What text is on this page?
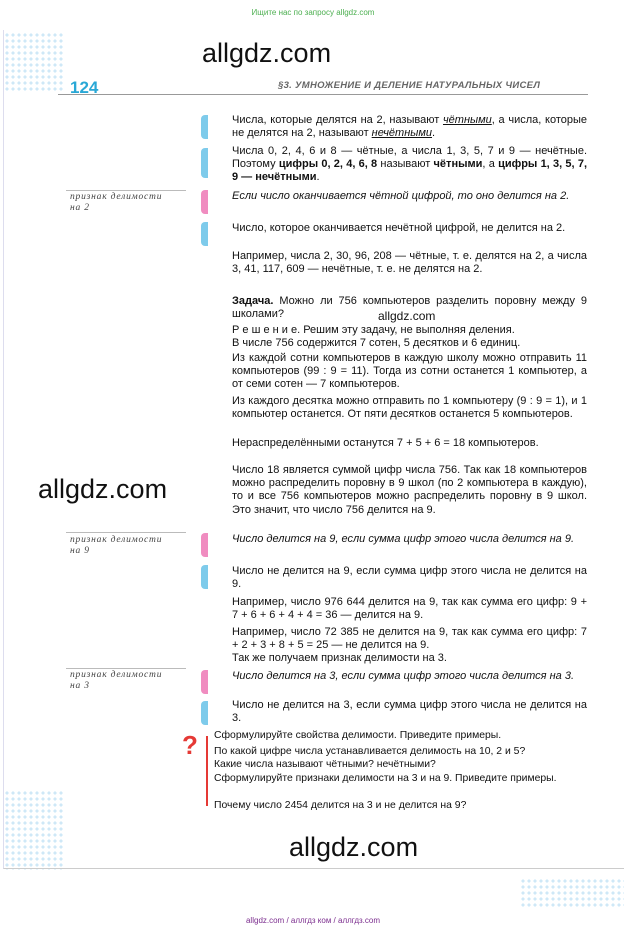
Ищите нас по запросу allgdz.com
allgdz.com
allgdz.com
allgdz.com
allgdz.com
124	§3. УМНОЖЕНИЕ И ДЕЛЕНИЕ НАТУРАЛЬНЫХ ЧИСЕЛ
признак делимости
на 2
признак делимости
на 9
признак делимости
на 3

Числа, которые делятся на 2, называют чётными, а числа, которые не делятся на 2, называют нечётными.

Числа 0, 2, 4, 6 и 8 — чётные, а числа 1, 3, 5, 7 и 9 — нечётные. Поэтому цифры 0, 2, 4, 6, 8 называют чётными, а цифры 1, 3, 5, 7, 9 — нечётными.

Если число оканчивается чётной цифрой, то оно делится на 2.

Число, которое оканчивается нечётной цифрой, не делится на 2.

Например, числа 2, 30, 96, 208 — чётные, т. е. делятся на 2, а числа 3, 41, 117, 609 — нечётные, т. е. не делятся на 2.

Задача. Можно ли 756 компьютеров разделить поровну между 9 школами?

Р е ш е н и е. Решим эту задачу, не выполняя деления.

В числе 756 содержится 7 сотен, 5 десятков и 6 единиц.

Из каждой сотни компьютеров в каждую школу можно отправить 11 компьютеров (99 : 9 = 11). Тогда из сотни останется 1 компьютер, а от семи сотен — 7 компьютеров.

Из каждого десятка можно отправить по 1 компьютеру (9 : 9 = 1), и 1 компьютер останется. От пяти десятков останется 5 компьютеров.

Нераспределёнными останутся 7 + 5 + 6 = 18 компьютеров.

Число 18 является суммой цифр числа 756. Так как 18 компьютеров можно распределить поровну в 9 школ (по 2 компьютера в каждую), то и все 756 компьютеров можно распределить поровну в 9 школ. Это значит, что число 756 делится на 9.

Число делится на 9, если сумма цифр этого числа делится на 9.

Число не делится на 9, если сумма цифр этого числа не делится на 9.

Например, число 976 644 делится на 9, так как сумма его цифр: 9 + 7 + 6 + 6 + 4 + 4 = 36 — делится на 9.

Например, число 72 385 не делится на 9, так как сумма его цифр: 7 + 2 + 3 + 8 + 5 = 25 — не делится на 9.

Так же получаем признак делимости на 3.

Число делится на 3, если сумма цифр этого числа делится на 3.

Число не делится на 3, если сумма цифр этого числа не делится на 3.

? Сформулируйте свойства делимости. Приведите примеры.
По какой цифре числа устанавливается делимость на 10, 2 и 5?
Какие числа называют чётными? нечётными?
Сформулируйте признаки делимости на 3 и на 9. Приведите примеры.
Почему число 2454 делится на 3 и не делится на 9?
allgdz.com / аллгдз ком / аллгдз.com
